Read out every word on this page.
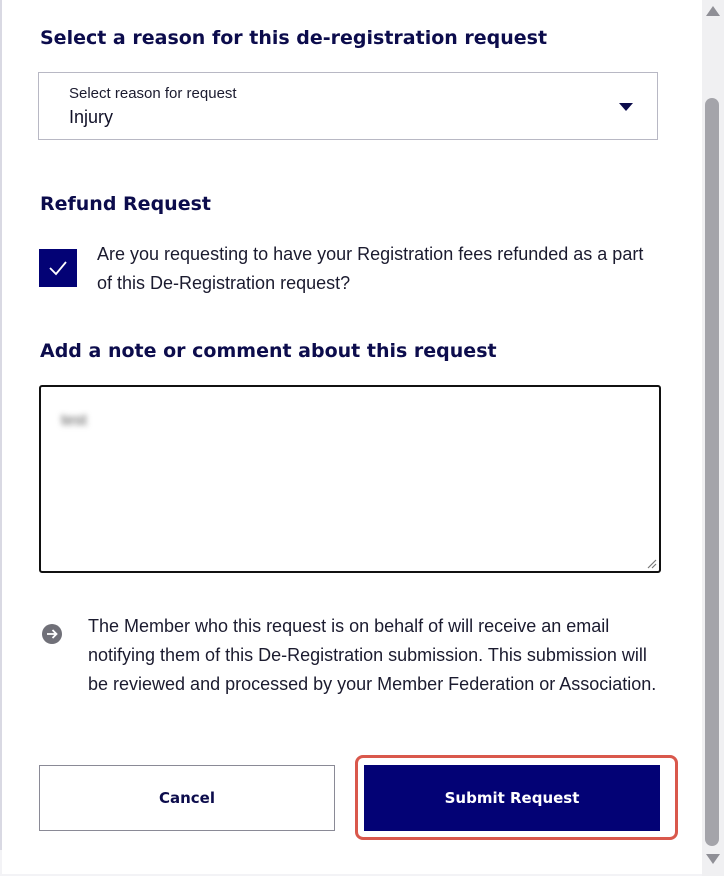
Select a reason for this de-registration request
Select reason for request
Injury
Refund Request
Are you requesting to have your Registration fees refunded as a part of this De-Registration request?
Add a note or comment about this request
test
The Member who this request is on behalf of will receive an email notifying them of this De-Registration submission. This submission will be reviewed and processed by your Member Federation or Association.
Cancel	Submit Request
